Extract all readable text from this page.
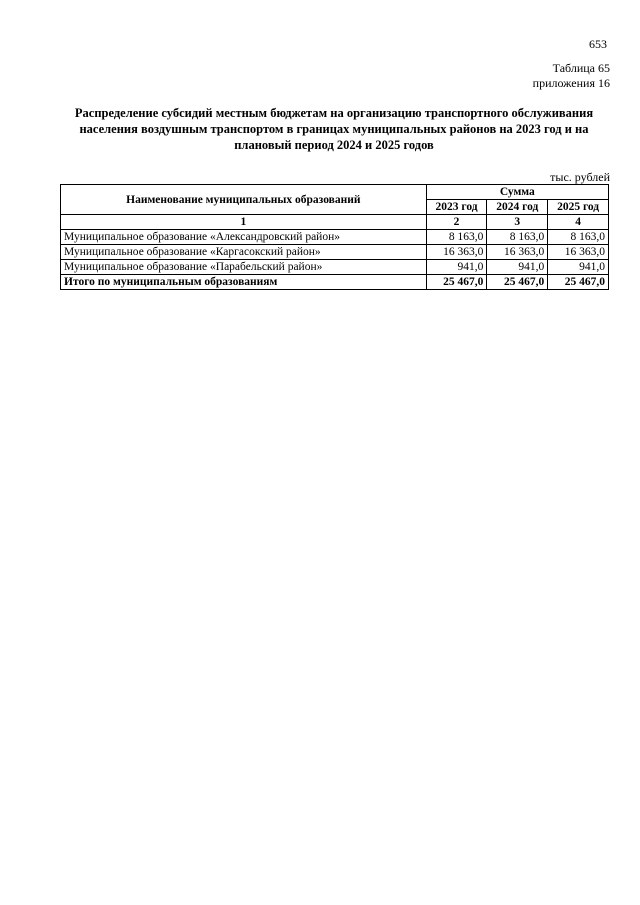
653
Таблица 65
приложения 16
Распределение субсидий местным бюджетам на организацию транспортного обслуживания населения воздушным транспортом в границах муниципальных районов на 2023 год и на плановый период 2024 и 2025 годов
тыс. рублей
Наименование муниципальных образований	Сумма		
	2023 год	2024 год	2025 год
1	2	3	4
Муниципальное образование «Александровский район»	8 163,0	8 163,0	8 163,0
Муниципальное образование «Каргасокский район»	16 363,0	16 363,0	16 363,0
Муниципальное образование «Парабельский район»	941,0	941,0	941,0
Итого по муниципальным образованиям	25 467,0	25 467,0	25 467,0
